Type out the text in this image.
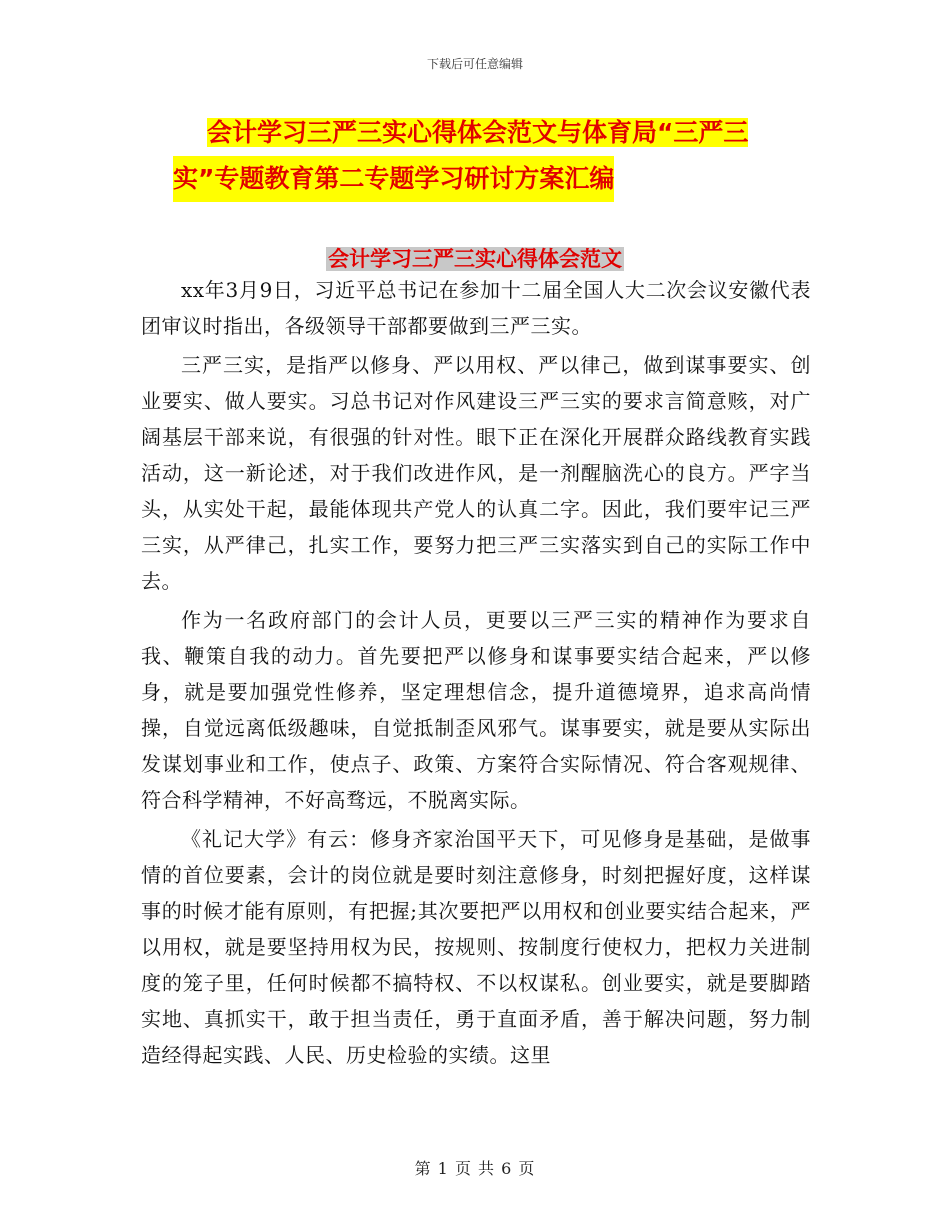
下载后可任意编辑
会计学习三严三实心得体会范文与体育局“三严三
实”专题教育第二专题学习研讨方案汇编
会计学习三严三实心得体会范文

xx年3月9日，习近平总书记在参加十二届全国人大二次会议安徽代表团审议时指出，各级领导干部都要做到三严三实。

三严三实，是指严以修身、严以用权、严以律己，做到谋事要实、创业要实、做人要实。习总书记对作风建设三严三实的要求言简意赅，对广阔基层干部来说，有很强的针对性。眼下正在深化开展群众路线教育实践活动，这一新论述，对于我们改进作风，是一剂醒脑洗心的良方。严字当头，从实处干起，最能体现共产党人的认真二字。因此，我们要牢记三严三实，从严律己，扎实工作，要努力把三严三实落实到自己的实际工作中去。

作为一名政府部门的会计人员，更要以三严三实的精神作为要求自我、鞭策自我的动力。首先要把严以修身和谋事要实结合起来，严以修身，就是要加强党性修养，坚定理想信念，提升道德境界，追求高尚情操，自觉远离低级趣味，自觉抵制歪风邪气。谋事要实，就是要从实际出发谋划事业和工作，使点子、政策、方案符合实际情况、符合客观规律、符合科学精神，不好高骛远，不脱离实际。

《礼记大学》有云：修身齐家治国平天下，可见修身是基础，是做事情的首位要素，会计的岗位就是要时刻注意修身，时刻把握好度，这样谋事的时候才能有原则，有把握;其次要把严以用权和创业要实结合起来，严以用权，就是要坚持用权为民，按规则、按制度行使权力，把权力关进制度的笼子里，任何时候都不搞特权、不以权谋私。创业要实，就是要脚踏实地、真抓实干，敢于担当责任，勇于直面矛盾，善于解决问题，努力制造经得起实践、人民、历史检验的实绩。这里

第 1 页 共 6 页
